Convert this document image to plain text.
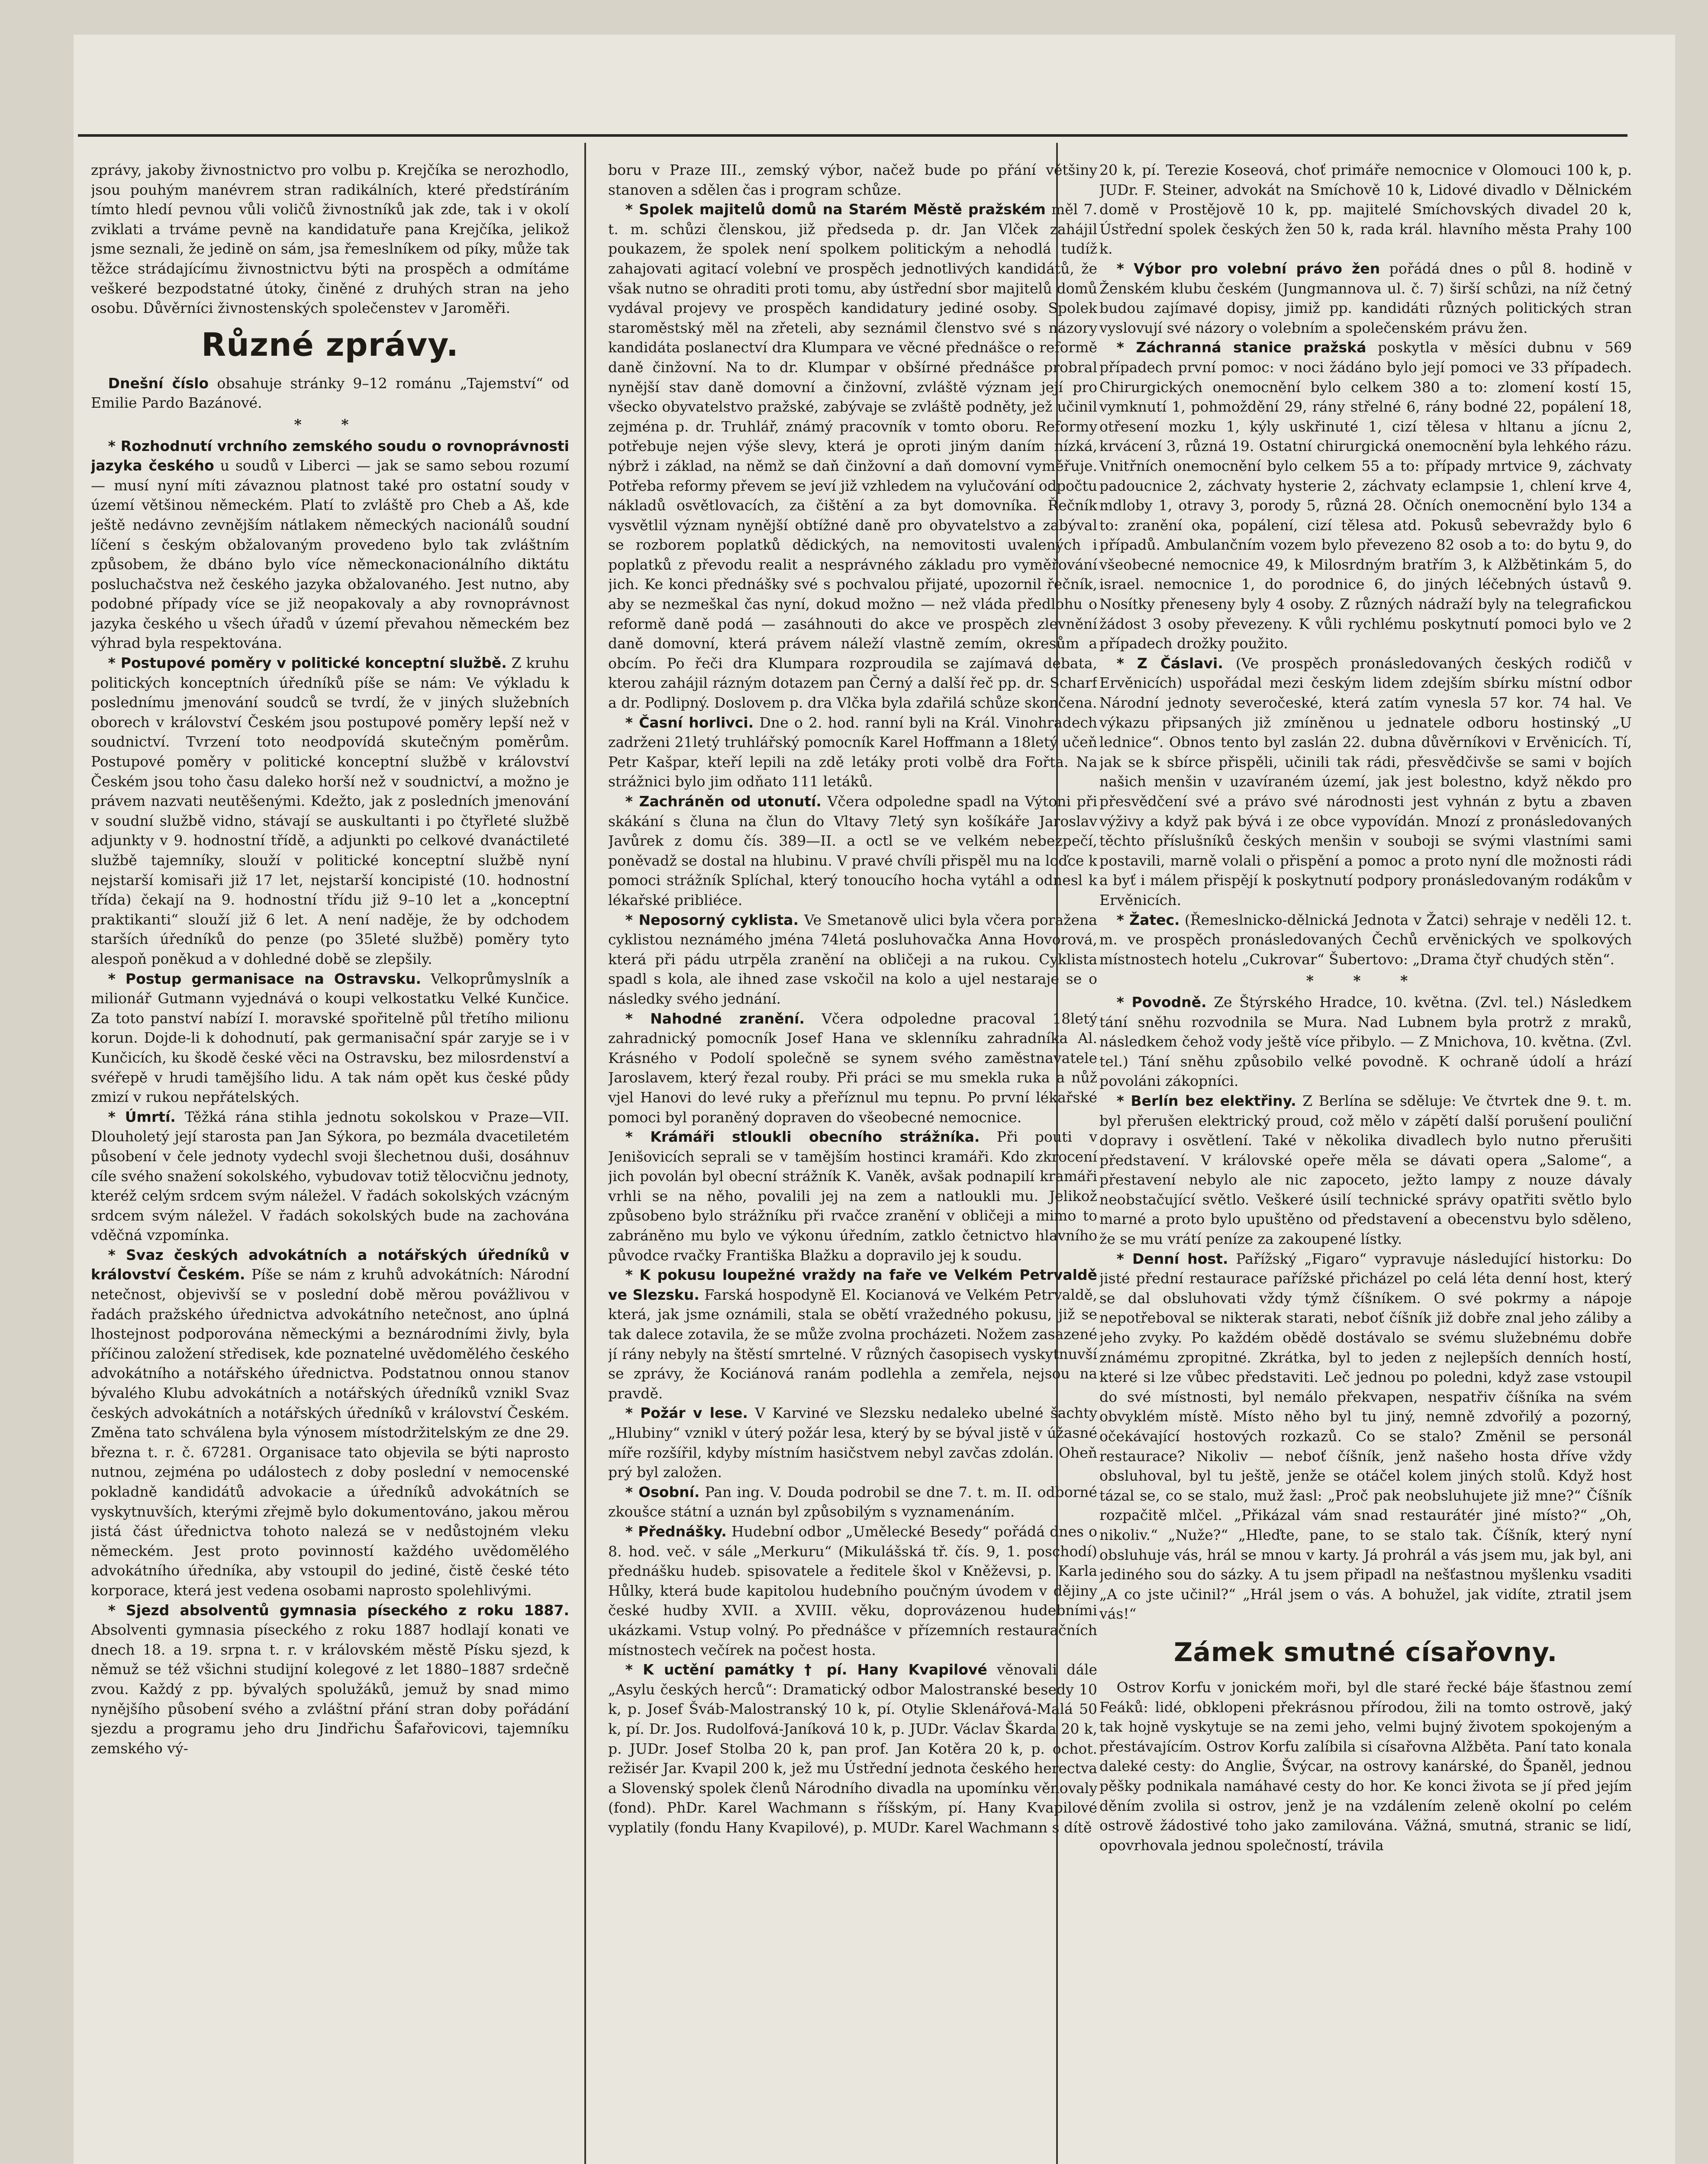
zprávy, jakoby živnostnictvo pro volbu p. Krejčíka se nerozhodlo, jsou pouhým manévrem stran radikálních, které předstíráním tímto hledí pevnou vůli voličů živnostníků jak zde, tak i v okolí zviklati a trváme pevně na kandidatuře pana Krejčíka, jelikož jsme seznali, že jedině on sám, jsa řemeslníkem od píky, může tak těžce strádajícímu živnostnictvu býti na prospěch a odmítáme veškeré bezpodstatné útoky, činěné z druhých stran na jeho osobu. Důvěrníci živnostenských společenstev v Jaroměři.

Různé zprávy.

Dnešní číslo obsahuje stránky 9–12 románu „Tajemství“ od Emilie Pardo Bazánové.

* *

* Rozhodnutí vrchního zemského soudu o rovnoprávnosti jazyka českého u soudů v Liberci — jak se samo sebou rozumí — musí nyní míti závaznou platnost také pro ostatní soudy v území většinou německém. Platí to zvláště pro Cheb a Aš, kde ještě nedávno zevnějším nátlakem německých nacionálů soudní líčení s českým obžalovaným provedeno bylo tak zvláštním způsobem, že dbáno bylo více německonacionálního diktátu posluchačstva než českého jazyka obžalovaného. Jest nutno, aby podobné případy více se již neopakovaly a aby rovnoprávnost jazyka českého u všech úřadů v území převahou německém bez výhrad byla respektována.

* Postupové poměry v politické konceptní službě. Z kruhu politických konceptních úředníků píše se nám: Ve výkladu k poslednímu jmenování soudců se tvrdí, že v jiných služebních oborech v království Českém jsou postupové poměry lepší než v soudnictví. Tvrzení toto neodpovídá skutečným poměrům. Postupové poměry v politické konceptní službě v království Českém jsou toho času daleko horší než v soudnictví, a možno je právem nazvati neutěšenými. Kdežto, jak z posledních jmenování v soudní službě vidno, stávají se auskultanti i po čtyřleté službě adjunkty v 9. hodnostní třídě, a adjunkti po celkové dvanáctileté službě tajemníky, slouží v politické konceptní službě nyní nejstarší komisaři již 17 let, nejstarší koncipisté (10. hodnostní třída) čekají na 9. hodnostní třídu již 9–10 let a „konceptní praktikanti“ slouží již 6 let. A není naděje, že by odchodem starších úředníků do penze (po 35leté službě) poměry tyto alespoň poněkud a v dohledné době se zlepšily.

* Postup germanisace na Ostravsku. Velkoprůmyslník a milionář Gutmann vyjednává o koupi velkostatku Velké Kunčice. Za toto panství nabízí I. moravské spořitelně půl třetího milionu korun. Dojde-li k dohodnutí, pak germanisační spár zaryje se i v Kunčicích, ku škodě české věci na Ostravsku, bez milosrdenství a svéřepě v hrudi tamějšího lidu. A tak nám opět kus české půdy zmizí v rukou nepřátelských.

* Úmrtí. Těžká rána stihla jednotu sokolskou v Praze—VII. Dlouholetý její starosta pan Jan Sýkora, po bezmála dvacetiletém působení v čele jednoty vydechl svoji šlechetnou duši, dosáhnuv cíle svého snažení sokolského, vybudovav totiž tělocvičnu jednoty, kteréž celým srdcem svým náležel. V řadách sokolských vzácným srdcem svým náležel. V řadách sokolských bude na zachována vděčná vzpomínka.

* Svaz českých advokátních a notářských úředníků v království Českém. Píše se nám z kruhů advokátních: Národní netečnost, objevivší se v poslední době měrou povážlivou v řadách pražského úřednictva advokátního netečnost, ano úplná lhostejnost podporována německými a beznárodními živly, byla příčinou založení středisek, kde poznatelné uvědomělého českého advokátního a notářského úřednictva. Podstatnou onnou stanov bývalého Klubu advokátních a notářských úředníků vznikl Svaz českých advokátních a notářských úředníků v království Českém. Změna tato schválena byla výnosem místodržitelským ze dne 29. března t. r. č. 67281. Organisace tato objevila se býti naprosto nutnou, zejména po událostech z doby poslední v nemocenské pokladně kandidátů advokacie a úředníků advokátních se vyskytnuvších, kterými zřejmě bylo dokumentováno, jakou měrou jistá část úřednictva tohoto nalezá se v nedůstojném vleku německém. Jest proto povinností každého uvědomělého advokátního úředníka, aby vstoupil do jediné, čistě české této korporace, která jest vedena osobami naprosto spolehlivými.

* Sjezd absolventů gymnasia píseckého z roku 1887. Absolventi gymnasia píseckého z roku 1887 hodlají konati ve dnech 18. a 19. srpna t. r. v královském městě Písku sjezd, k němuž se též všichni studijní kolegové z let 1880–1887 srdečně zvou. Každý z pp. bývalých spolužáků, jemuž by snad mimo nynějšího působení svého a zvláštní přání stran doby pořádání sjezdu a programu jeho dru Jindřichu Šafařovicovi, tajemníku zemského vý-

boru v Praze III., zemský výbor, načež bude po přání většiny stanoven a sdělen čas i program schůze.

* Spolek majitelů domů na Starém Městě pražském měl 7. t. m. schůzi členskou, již předseda p. dr. Jan Vlček zahájil poukazem, že spolek není spolkem politickým a nehodlá tudíž zahajovati agitací volební ve prospěch jednotlivých kandidátů, že však nutno se ohraditi proti tomu, aby ústřední sbor majitelů domů vydával projevy ve prospěch kandidatury jediné osoby. Spolek staroměstský měl na zřeteli, aby seznámil členstvo své s názory kandidáta poslanectví dra Klumpara ve věcné přednášce o reformě daně činžovní. Na to dr. Klumpar v obšírné přednášce probral nynější stav daně domovní a činžovní, zvláště význam její pro všecko obyvatelstvo pražské, zabývaje se zvláště podněty, jež učinil zejména p. dr. Truhlář, známý pracovník v tomto oboru. Reformy potřebuje nejen výše slevy, která je oproti jiným daním nízká, nýbrž i základ, na němž se daň činžovní a daň domovní vyměřuje. Potřeba reformy převem se jeví již vzhledem na vylučování odpočtu nákladů osvětlovacích, za čištění a za byt domovníka. Řečník vysvětlil význam nynější obtížné daně pro obyvatelstvo a zabýval se rozborem poplatků dědických, na nemovitosti uvalených i poplatků z převodu realit a nesprávného základu pro vyměřování jich. Ke konci přednášky své s pochvalou přijaté, upozornil řečník, aby se nezmeškal čas nyní, dokud možno — než vláda předlohu o reformě daně podá — zasáhnouti do akce ve prospěch zlevnění daně domovní, která právem náleží vlastně zemím, okresům a obcím. Po řeči dra Klumpara rozproudila se zajímavá debata, kterou zahájil rázným dotazem pan Černý a další řeč pp. dr. Scharf a dr. Podlipný. Doslovem p. dra Vlčka byla zdařilá schůze skončena.

* Časní horlivci. Dne o 2. hod. ranní byli na Král. Vinohradech zadrženi 21letý truhlářský pomocník Karel Hoffmann a 18letý učeň Petr Kašpar, kteří lepili na zdě letáky proti volbě dra Fořta. Na strážnici bylo jim odňato 111 letáků.

* Zachráněn od utonutí. Včera odpoledne spadl na Výtoni při skákání s čluna na člun do Vltavy 7letý syn košíkáře Jaroslav Javůrek z domu čís. 389—II. a octl se ve velkém nebezpečí, poněvadž se dostal na hlubinu. V pravé chvíli přispěl mu na loďce k pomoci strážník Splíchal, který tonoucího hocha vytáhl a odnesl k lékařské pribliéce.

* Neposorný cyklista. Ve Smetanově ulici byla včera poražena cyklistou neznámého jména 74letá posluhovačka Anna Hovorová, která při pádu utrpěla zranění na obličeji a na rukou. Cyklista spadl s kola, ale ihned zase vskočil na kolo a ujel nestaraje se o následky svého jednání.

* Nahodné zranění. Včera odpoledne pracoval 18letý zahradnický pomocník Josef Hana ve sklenníku zahradníka Al. Krásného v Podolí společně se synem svého zaměstnavatele Jaroslavem, který řezal rouby. Při práci se mu smekla ruka a nůž vjel Hanovi do levé ruky a přeříznul mu tepnu. Po první lékařské pomoci byl poraněný dopraven do všeobecné nemocnice.

* Krámáři stloukli obecního strážníka. Při pouti v Jenišovicích seprali se v tamějším hostinci kramáři. Kdo zkrocení jich povolán byl obecní strážník K. Vaněk, avšak podnapilí kramáři vrhli se na něho, povalili jej na zem a natloukli mu. Jelikož způsobeno bylo strážníku při rvačce zranění v obličeji a mimo to zabráněno mu bylo ve výkonu úředním, zatklo četnictvo hlavního původce rvačky Františka Blažku a dopravilo jej k soudu.

* K pokusu loupežné vraždy na faře ve Velkém Petrvaldě ve Slezsku. Farská hospodyně El. Kocianová ve Velkém Petrvaldě, která, jak jsme oznámili, stala se obětí vražedného pokusu, již se tak dalece zotavila, že se může zvolna procházeti. Nožem zasazené jí rány nebyly na štěstí smrtelné. V různých časopisech vyskytnuvší se zprávy, že Kociánová ranám podlehla a zemřela, nejsou na pravdě.

* Požár v lese. V Karviné ve Slezsku nedaleko ubelné šachty „Hlubiny“ vznikl v úterý požár lesa, který by se býval jistě v úžasné míře rozšířil, kdyby místním hasičstvem nebyl zavčas zdolán. Oheň prý byl založen.

* Osobní. Pan ing. V. Douda podrobil se dne 7. t. m. II. odborné zkoušce státní a uznán byl způsobilým s vyznamenáním.

* Přednášky. Hudební odbor „Umělecké Besedy“ pořádá dnes o 8. hod. več. v sále „Merkuru“ (Mikulášská tř. čís. 9, 1. poschodí) přednášku hudeb. spisovatele a ředitele škol v Kněževsi, p. Karla Hůlky, která bude kapitolou hudebního poučným úvodem v dějiny české hudby XVII. a XVIII. věku, doprovázenou hudebními ukázkami. Vstup volný. Po přednášce v přízemních restauračních místnostech večírek na počest hosta.

* K uctění památky † pí. Hany Kvapilové věnovali dále „Asylu českých herců“: Dramatický odbor Malostranské besedy 10 k, p. Josef Šváb-Malostranský 10 k, pí. Otylie Sklenářová-Malá 50 k, pí. Dr. Jos. Rudolfová-Janíková 10 k, p. JUDr. Václav Škarda 20 k, p. JUDr. Josef Stolba 20 k, pan prof. Jan Kotěra 20 k, p. ochot. režisér Jar. Kvapil 200 k, jež mu Ústřední jednota českého herectva a Slovenský spolek členů Národního divadla na upomínku věnovaly (fond). PhDr. Karel Wachmann s říšským, pí. Hany Kvapilové vyplatily (fondu Hany Kvapilové), p. MUDr. Karel Wachmann s dítě

20 k, pí. Terezie Koseová, choť primáře nemocnice v Olomouci 100 k, p. JUDr. F. Steiner, advokát na Smíchově 10 k, Lidové divadlo v Dělnickém domě v Prostějově 10 k, pp. majitelé Smíchovských divadel 20 k, Ústřední spolek českých žen 50 k, rada král. hlavního města Prahy 100 k.

* Výbor pro volební právo žen pořádá dnes o půl 8. hodině v Ženském klubu českém (Jungmannova ul. č. 7) širší schůzi, na níž četný budou zajímavé dopisy, jimiž pp. kandidáti různých politických stran vyslovují své názory o volebním a společenském právu žen.

* Záchranná stanice pražská poskytla v měsíci dubnu v 569 případech první pomoc: v noci žádáno bylo její pomoci ve 33 případech. Chirurgických onemocnění bylo celkem 380 a to: zlomení kostí 15, vymknutí 1, pohmoždění 29, rány střelné 6, rány bodné 22, popálení 18, otřesení mozku 1, kýly uskřinuté 1, cizí tělesa v hltanu a jícnu 2, krvácení 3, různá 19. Ostatní chirurgická onemocnění byla lehkého rázu. Vnitřních onemocnění bylo celkem 55 a to: případy mrtvice 9, záchvaty padoucnice 2, záchvaty hysterie 2, záchvaty eclampsie 1, chlení krve 4, mdloby 1, otravy 3, porody 5, různá 28. Očních onemocnění bylo 134 a to: zranění oka, popálení, cizí tělesa atd. Pokusů sebevraždy bylo 6 případů. Ambulančním vozem bylo převezeno 82 osob a to: do bytu 9, do všeobecné nemocnice 49, k Milosrdným bratřím 3, k Alžbětinkám 5, do israel. nemocnice 1, do porodnice 6, do jiných léčebných ústavů 9. Nosítky přeneseny byly 4 osoby. Z různých nádraží byly na telegrafickou žádost 3 osoby převezeny. K vůli rychlému poskytnutí pomoci bylo ve 2 případech drožky použito.

* Z Čáslavi. (Ve prospěch pronásledovaných českých rodičů v Ervěnicích) uspořádal mezi českým lidem zdejším sbírku místní odbor Národní jednoty severočeské, která zatím vynesla 57 kor. 74 hal. Ve výkazu připsaných již zmíněnou u jednatele odboru hostinský „U lednice“. Obnos tento byl zaslán 22. dubna důvěrníkovi v Ervěnicích. Tí, jak se k sbírce přispěli, učinili tak rádi, přesvědčivše se sami v bojích našich menšin v uzavíraném území, jak jest bolestno, když někdo pro přesvědčení své a právo své národnosti jest vyhnán z bytu a zbaven výživy a když pak bývá i ze obce vypovídán. Mnozí z pronásledovaných těchto příslušníků českých menšin v souboji se svými vlastními sami postavili, marně volali o přispění a pomoc a proto nyní dle možnosti rádi a byť i málem přispějí k poskytnutí podpory pronásledovaným rodákům v Ervěnicích.

* Žatec. (Řemeslnicko-dělnická Jednota v Žatci) sehraje v neděli 12. t. m. ve prospěch pronásledovaných Čechů ervěnických ve spolkových místnostech hotelu „Cukrovar“ Šubertovo: „Drama čtyř chudých stěn“.

* * *

* Povodně. Ze Štýrského Hradce, 10. května. (Zvl. tel.) Následkem tání sněhu rozvodnila se Mura. Nad Lubnem byla protrž z mraků, následkem čehož vody ještě více přibylo. — Z Mnichova, 10. května. (Zvl. tel.) Tání sněhu způsobilo velké povodně. K ochraně údolí a hrází povoláni zákopníci.

* Berlín bez elektřiny. Z Berlína se sděluje: Ve čtvrtek dne 9. t. m. byl přerušen elektrický proud, což mělo v zápětí další porušení pouliční dopravy i osvětlení. Také v několika divadlech bylo nutno přerušiti představení. V královské opeře měla se dávati opera „Salome“, a přestavení nebylo ale nic zapoceto, ježto lampy z nouze dávaly neobstačující světlo. Veškeré úsilí technické správy opatřiti světlo bylo marné a proto bylo upuštěno od představení a obecenstvu bylo sděleno, že se mu vrátí peníze za zakoupené lístky.

* Denní host. Pařížský „Figaro“ vypravuje následující historku: Do jisté přední restaurace pařížské přicházel po celá léta denní host, který se dal obsluhovati vždy týmž číšníkem. O své pokrmy a nápoje nepotřeboval se nikterak starati, neboť číšník již dobře znal jeho záliby a jeho zvyky. Po každém obědě dostávalo se svému služebnému dobře známému zpropitné. Zkrátka, byl to jeden z nejlepších denních hostí, které si lze vůbec představiti. Leč jednou po poledni, když zase vstoupil do své místnosti, byl nemálo překvapen, nespatřiv číšníka na svém obvyklém místě. Místo něho byl tu jiný, nemně zdvořilý a pozorný, očekávající hostových rozkazů. Co se stalo? Změnil se personál restaurace? Nikoliv — neboť číšník, jenž našeho hosta dříve vždy obsluhoval, byl tu ještě, jenže se otáčel kolem jiných stolů. Když host tázal se, co se stalo, muž žasl: „Proč pak neobsluhujete již mne?“ Číšník rozpačitě mlčel. „Přikázal vám snad restaurátér jiné místo?“ „Oh, nikoliv.“ „Nuže?“ „Hleďte, pane, to se stalo tak. Číšník, který nyní obsluhuje vás, hrál se mnou v karty. Já prohrál a vás jsem mu, jak byl, ani jediného sou do sázky. A tu jsem připadl na nešťastnou myšlenku vsaditi „A co jste učinil?“ „Hrál jsem o vás. A bohužel, jak vidíte, ztratil jsem vás!“

Zámek smutné císařovny.

Ostrov Korfu v jonickém moři, byl dle staré řecké báje šťastnou zemí Feáků: lidé, obklopeni překrásnou přírodou, žili na tomto ostrově, jaký tak hojně vyskytuje se na zemi jeho, velmi bujný životem spokojeným a přestávajícím. Ostrov Korfu zalíbila si císařovna Alžběta. Paní tato konala daleké cesty: do Anglie, Švýcar, na ostrovy kanárské, do Španěl, jednou pěšky podnikala namáhavé cesty do hor. Ke konci života se jí před jejím děním zvolila si ostrov, jenž je na vzdálením zeleně okolní po celém ostrově žádostivé toho jako zamilována. Vážná, smutná, stranic se lidí, opovrhovala jednou společností, trávila
